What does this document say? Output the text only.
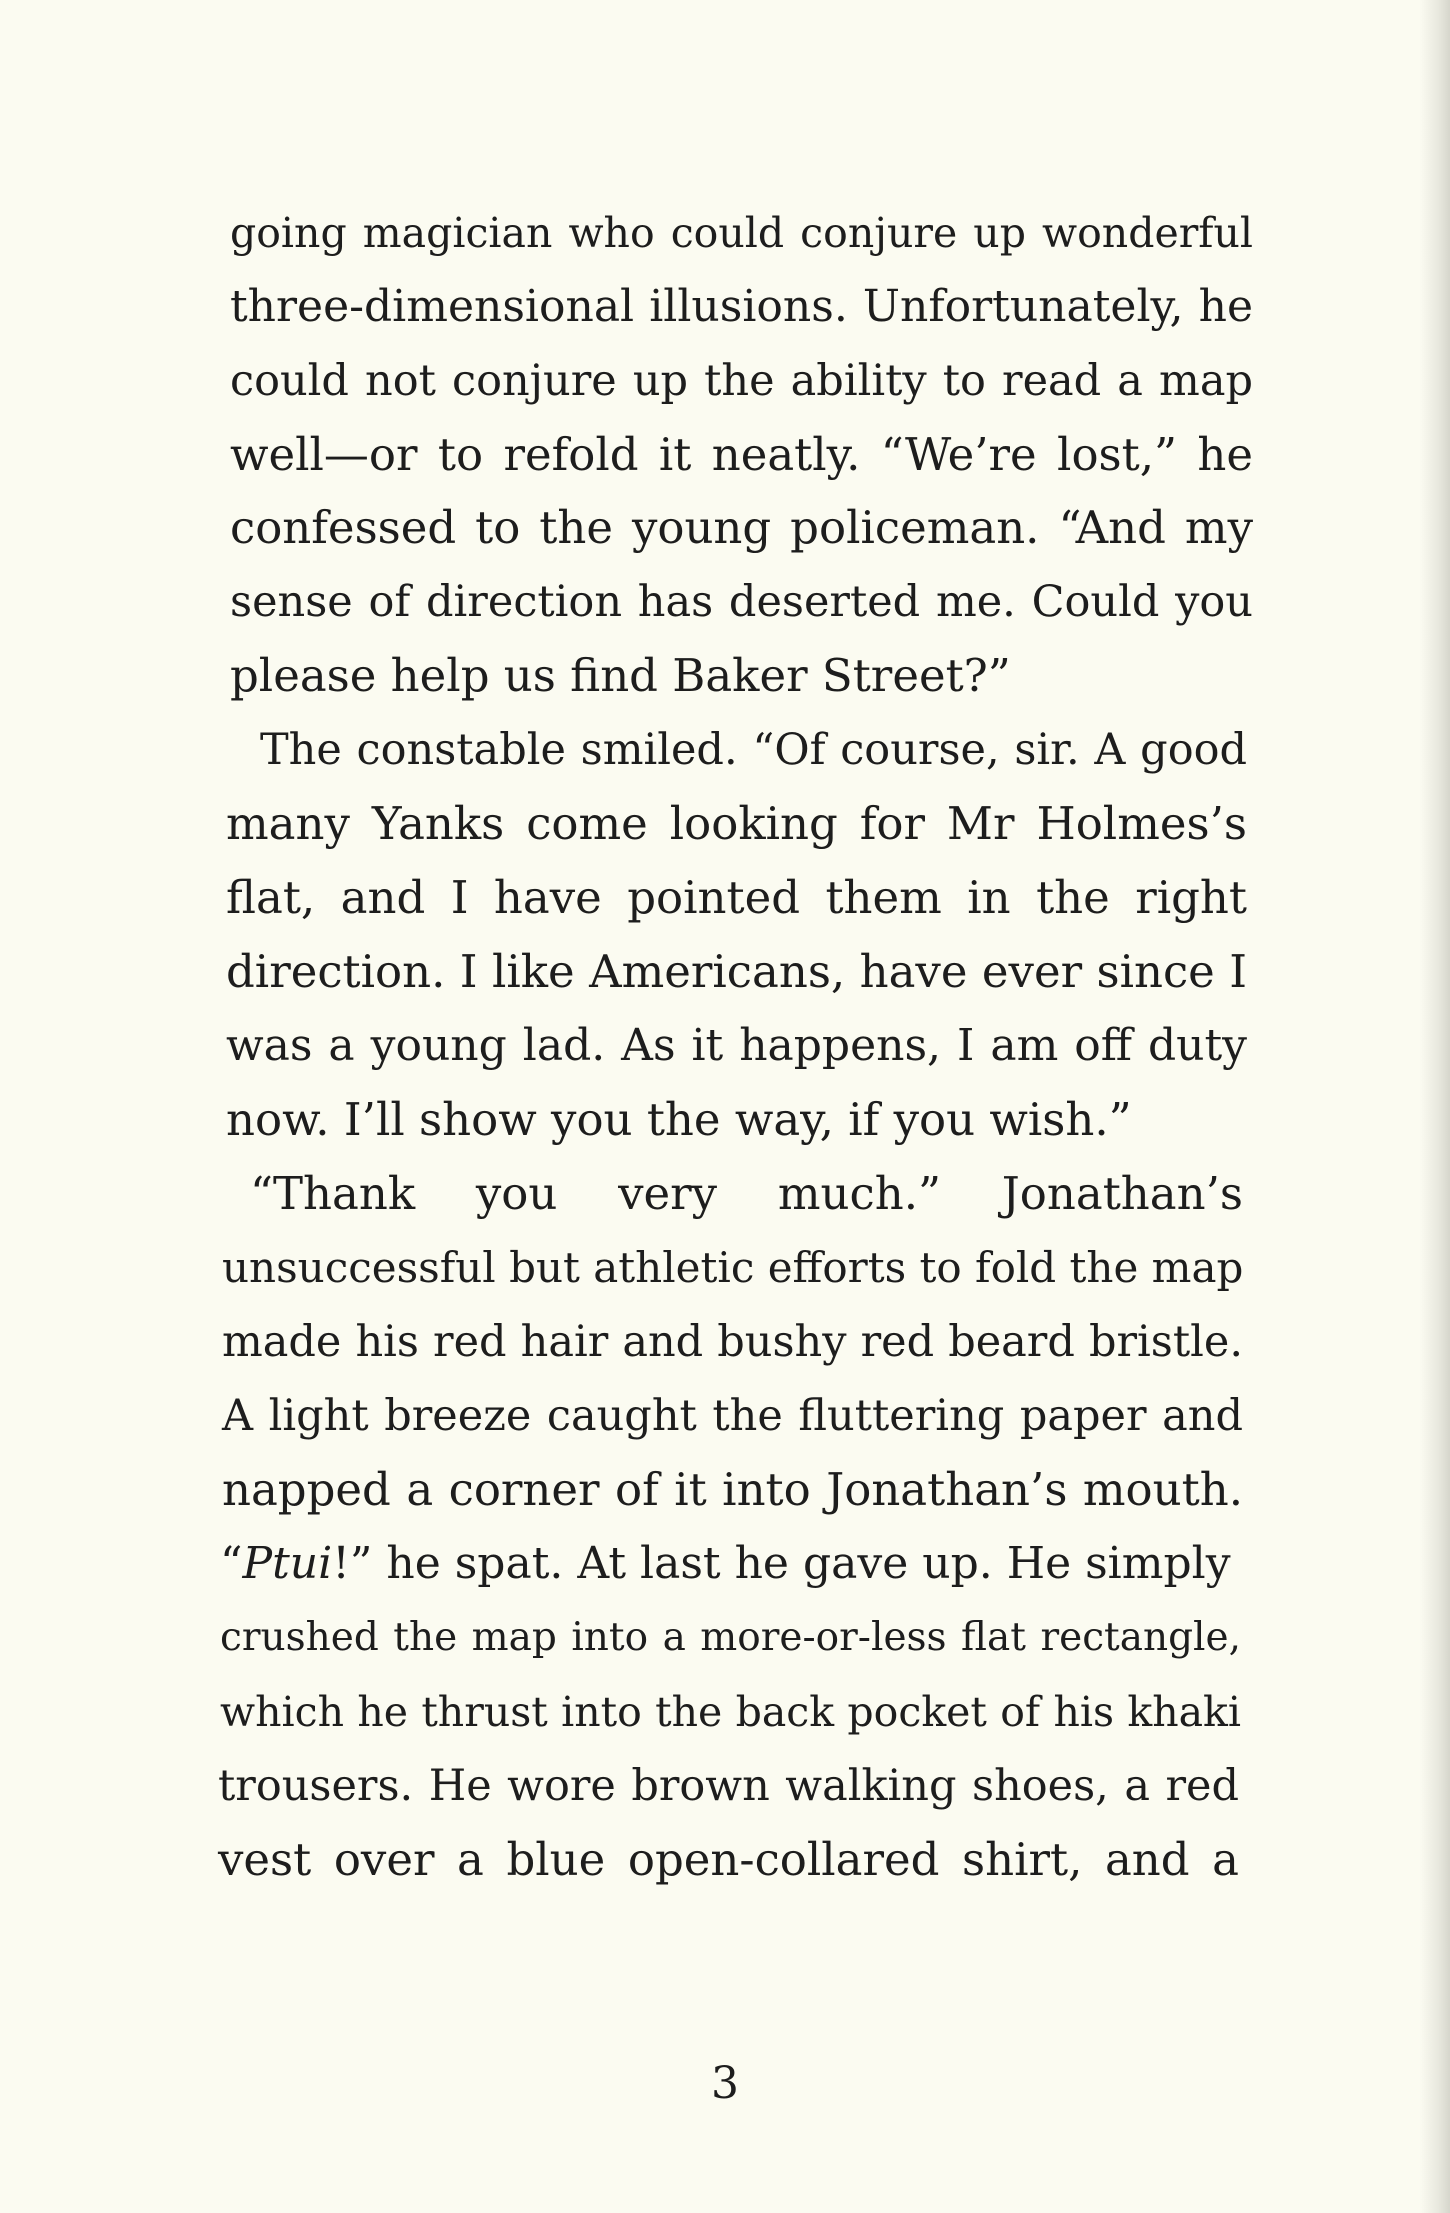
going magician who could conjure up wonderful
three-dimensional illusions. Unfortunately, he
could not conjure up the ability to read a map
well—or to refold it neatly. “We’re lost,” he
confessed to the young policeman. “And my
sense of direction has deserted me. Could you
please help us find Baker Street?”
The constable smiled. “Of course, sir. A good
many Yanks come looking for Mr Holmes’s
flat, and I have pointed them in the right
direction. I like Americans, have ever since I
was a young lad. As it happens, I am off duty
now. I’ll show you the way, if you wish.”
“Thank you very much.” Jonathan’s
unsuccessful but athletic efforts to fold the map
made his red hair and bushy red beard bristle.
A light breeze caught the fluttering paper and
napped a corner of it into Jonathan’s mouth.
“Ptui!” he spat. At last he gave up. He simply
crushed the map into a more-or-less flat rectangle,
which he thrust into the back pocket of his khaki
trousers. He wore brown walking shoes, a red
vest over a blue open-collared shirt, and a
3
